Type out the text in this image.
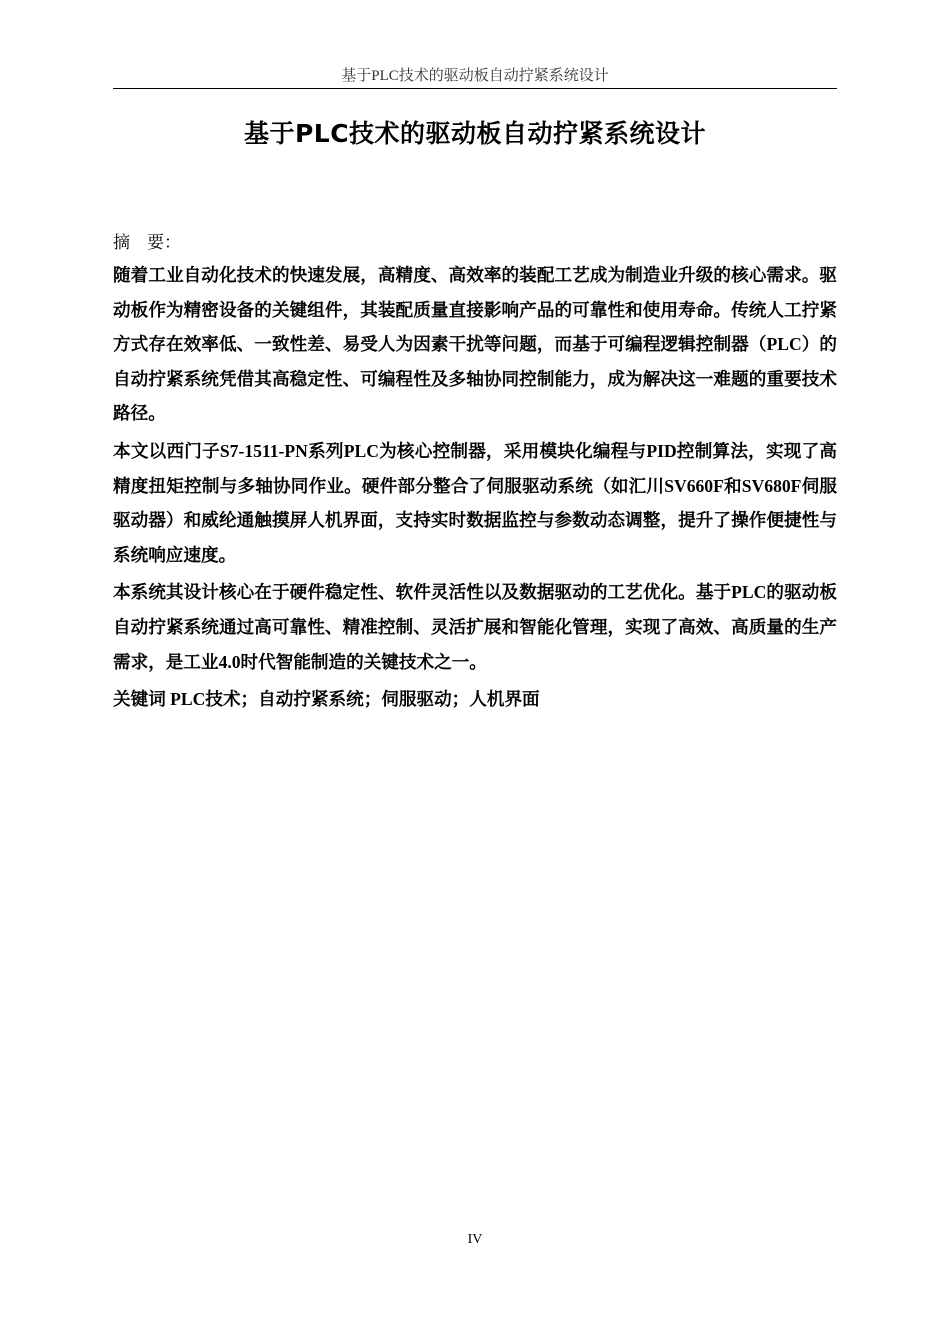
基于PLC技术的驱动板自动拧紧系统设计
基于PLC技术的驱动板自动拧紧系统设计
摘　要：

随着工业自动化技术的快速发展，高精度、高效率的装配工艺成为制造业升级的核心需求。驱动板作为精密设备的关键组件，其装配质量直接影响产品的可靠性和使用寿命。传统人工拧紧方式存在效率低、一致性差、易受人为因素干扰等问题，而基于可编程逻辑控制器（PLC）的自动拧紧系统凭借其高稳定性、可编程性及多轴协同控制能力，成为解决这一难题的重要技术路径。

本文以西门子S7-1511-PN系列PLC为核心控制器，采用模块化编程与PID控制算法，实现了高精度扭矩控制与多轴协同作业。硬件部分整合了伺服驱动系统（如汇川SV660F和SV680F伺服驱动器）和威纶通触摸屏人机界面，支持实时数据监控与参数动态调整，提升了操作便捷性与系统响应速度。

本系统其设计核心在于硬件稳定性、软件灵活性以及数据驱动的工艺优化。基于PLC的驱动板自动拧紧系统通过高可靠性、精准控制、灵活扩展和智能化管理，实现了高效、高质量的生产需求，是工业4.0时代智能制造的关键技术之一。

关键词 PLC技术；自动拧紧系统；伺服驱动；人机界面

IV
